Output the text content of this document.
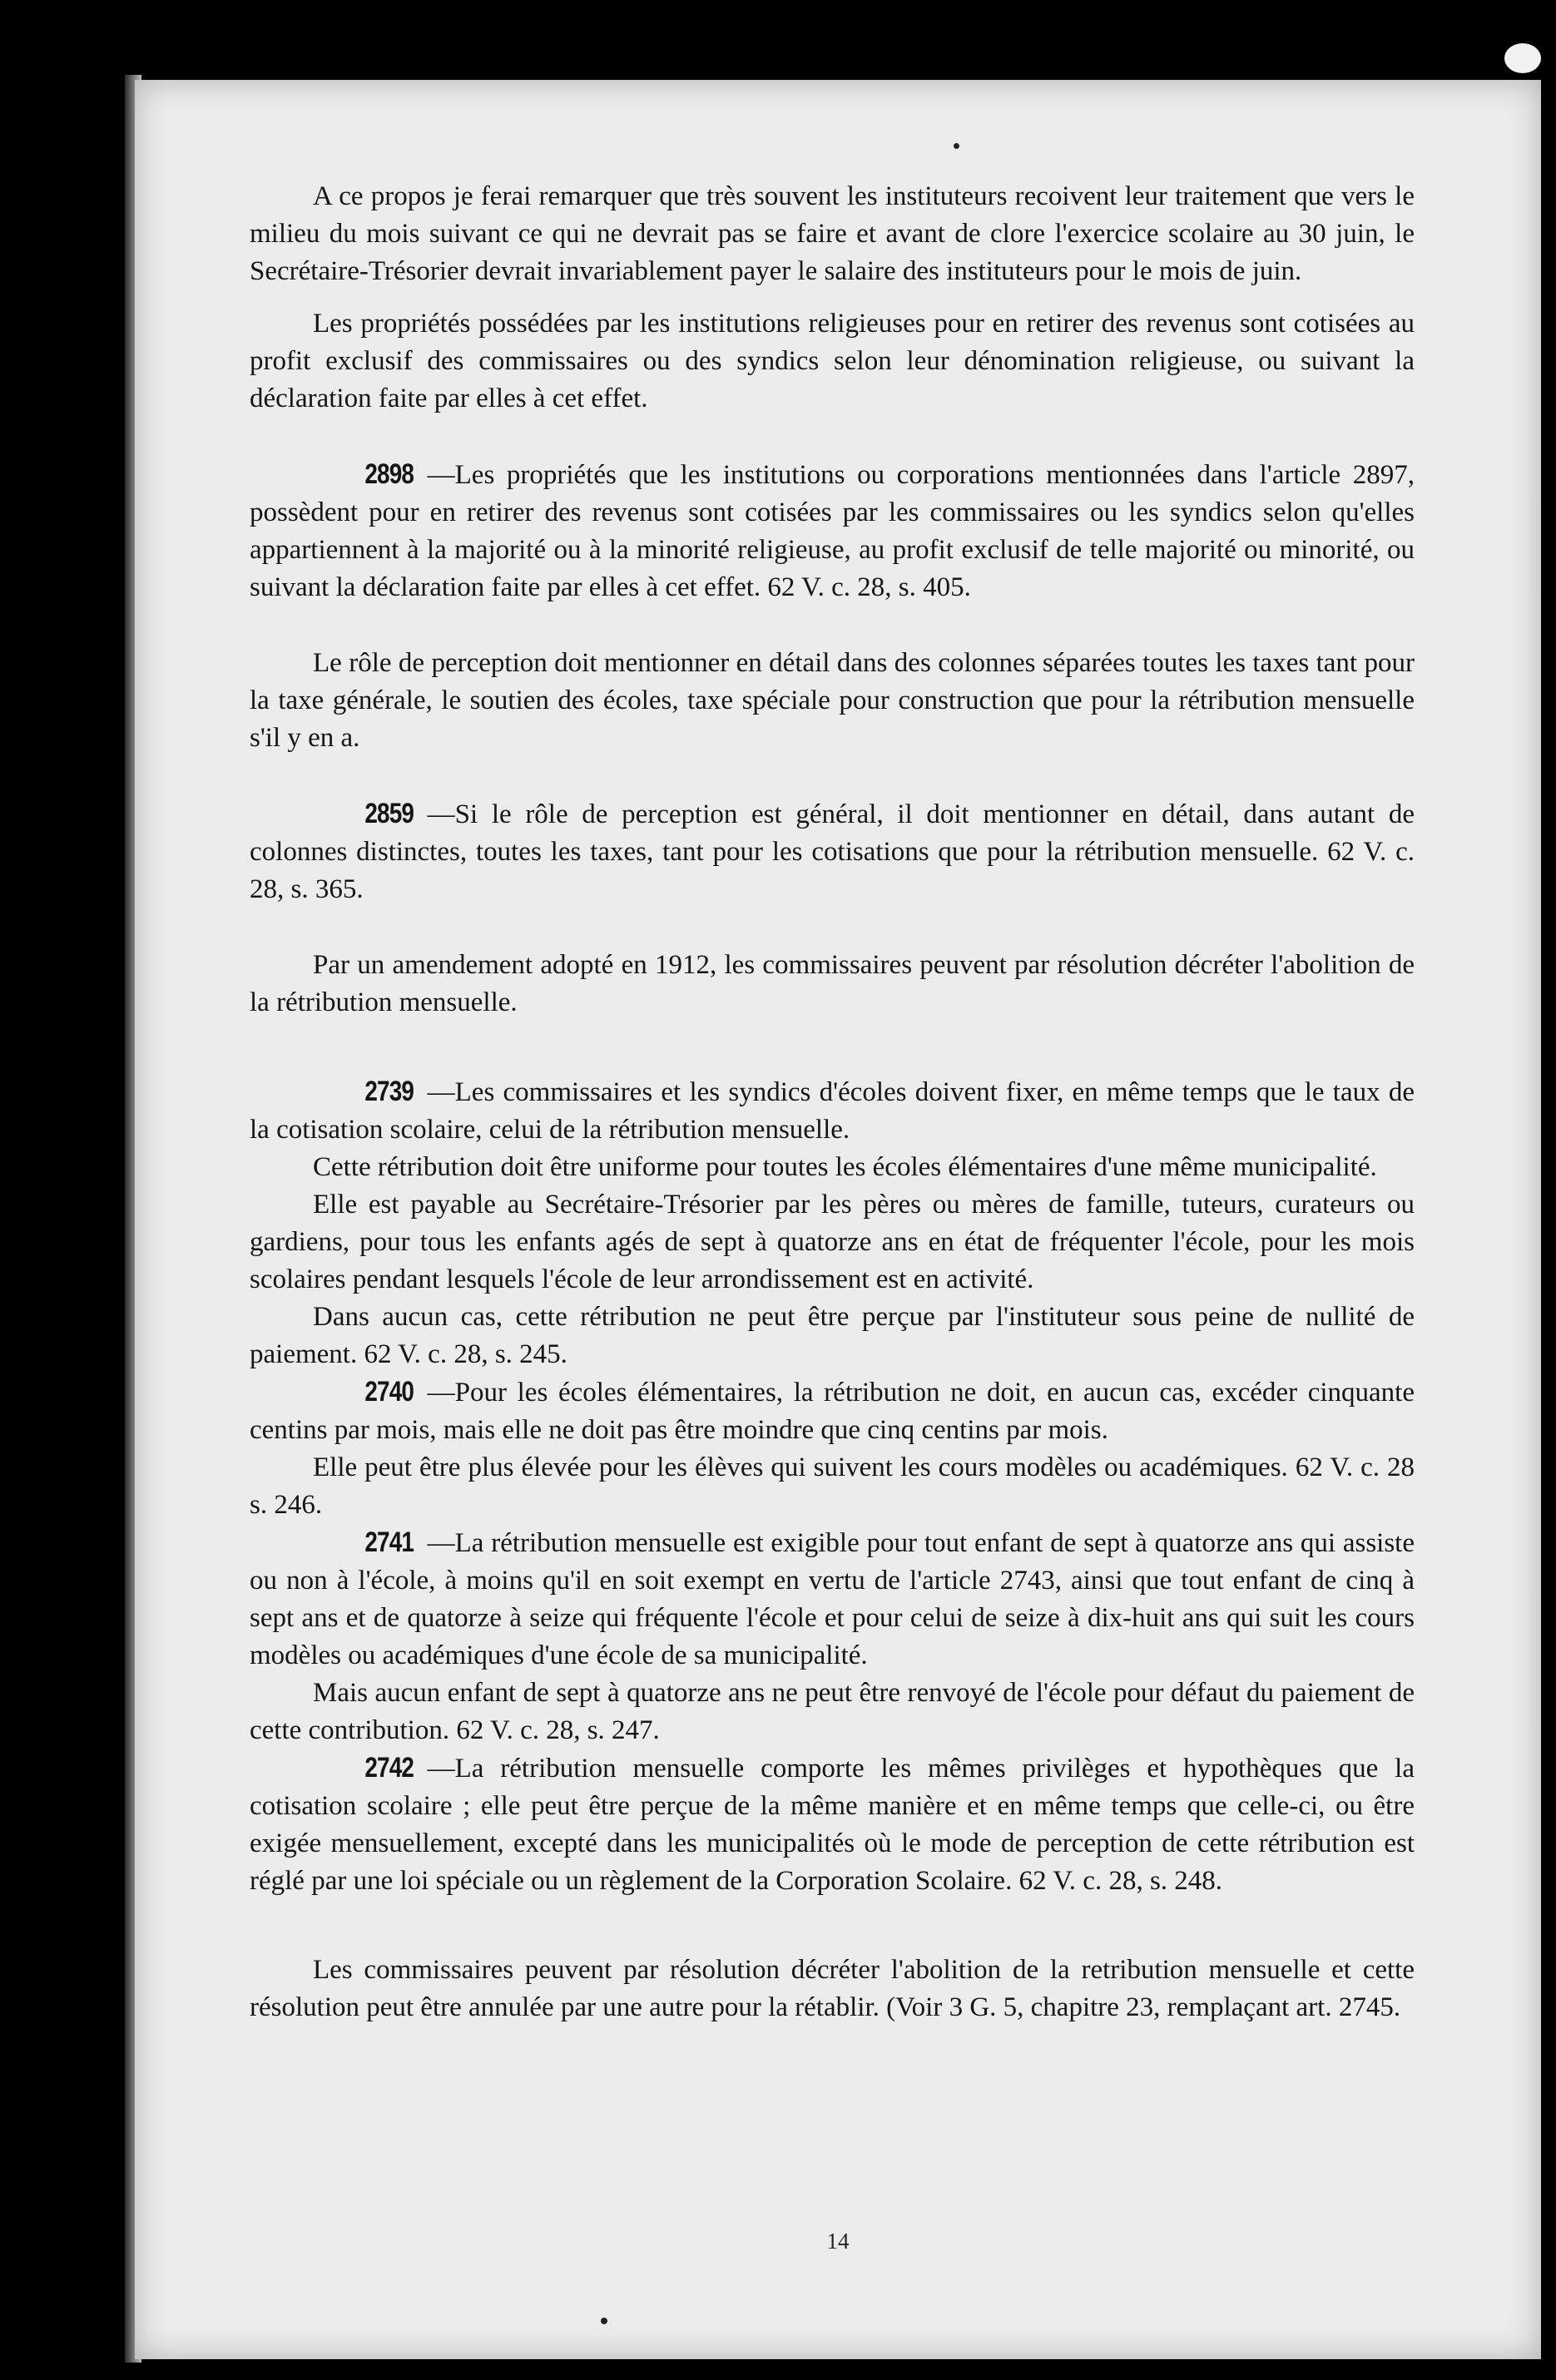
A ce propos je ferai remarquer que très souvent les instituteurs recoivent leur traitement que vers le milieu du mois suivant ce qui ne devrait pas se faire et avant de clore l'exercice scolaire au 30 juin, le Secrétaire-Trésorier devrait invariablement payer le salaire des instituteurs pour le mois de juin.

Les propriétés possédées par les institutions religieuses pour en retirer des revenus sont cotisées au profit exclusif des commissaires ou des syndics selon leur dénomination religieuse, ou suivant la déclaration faite par elles à cet effet.

2898 —Les propriétés que les institutions ou corporations mentionnées dans l'article 2897, possèdent pour en retirer des revenus sont cotisées par les commissaires ou les syndics selon qu'elles appartiennent à la majorité ou à la minorité religieuse, au profit exclusif de telle majorité ou minorité, ou suivant la déclaration faite par elles à cet effet. 62 V. c. 28, s. 405.

Le rôle de perception doit mentionner en détail dans des colonnes séparées toutes les taxes tant pour la taxe générale, le soutien des écoles, taxe spéciale pour construction que pour la rétribution mensuelle s'il y en a.

2859 —Si le rôle de perception est général, il doit mentionner en détail, dans autant de colonnes distinctes, toutes les taxes, tant pour les cotisations que pour la rétribution mensuelle. 62 V. c. 28, s. 365.

Par un amendement adopté en 1912, les commissaires peuvent par résolution décréter l'abolition de la rétribution mensuelle.

2739 —Les commissaires et les syndics d'écoles doivent fixer, en même temps que le taux de la cotisation scolaire, celui de la rétribution mensuelle.

Cette rétribution doit être uniforme pour toutes les écoles élémentaires d'une même municipalité.

Elle est payable au Secrétaire-Trésorier par les pères ou mères de famille, tuteurs, curateurs ou gardiens, pour tous les enfants agés de sept à quatorze ans en état de fréquenter l'école, pour les mois scolaires pendant lesquels l'école de leur arrondissement est en activité.

Dans aucun cas, cette rétribution ne peut être perçue par l'instituteur sous peine de nullité de paiement. 62 V. c. 28, s. 245.

2740 —Pour les écoles élémentaires, la rétribution ne doit, en aucun cas, excéder cinquante centins par mois, mais elle ne doit pas être moindre que cinq centins par mois.

Elle peut être plus élevée pour les élèves qui suivent les cours modèles ou académiques. 62 V. c. 28 s. 246.

2741 —La rétribution mensuelle est exigible pour tout enfant de sept à quatorze ans qui assiste ou non à l'école, à moins qu'il en soit exempt en vertu de l'article 2743, ainsi que tout enfant de cinq à sept ans et de quatorze à seize qui fréquente l'école et pour celui de seize à dix-huit ans qui suit les cours modèles ou académiques d'une école de sa municipalité.

Mais aucun enfant de sept à quatorze ans ne peut être renvoyé de l'école pour défaut du paiement de cette contribution. 62 V. c. 28, s. 247.

2742 —La rétribution mensuelle comporte les mêmes privilèges et hypothèques que la cotisation scolaire ; elle peut être perçue de la même manière et en même temps que celle-ci, ou être exigée mensuellement, excepté dans les municipalités où le mode de perception de cette rétribution est réglé par une loi spéciale ou un règlement de la Corporation Scolaire. 62 V. c. 28, s. 248.

Les commissaires peuvent par résolution décréter l'abolition de la retribution mensuelle et cette résolution peut être annulée par une autre pour la rétablir. (Voir 3 G. 5, chapitre 23, remplaçant art. 2745.

14
